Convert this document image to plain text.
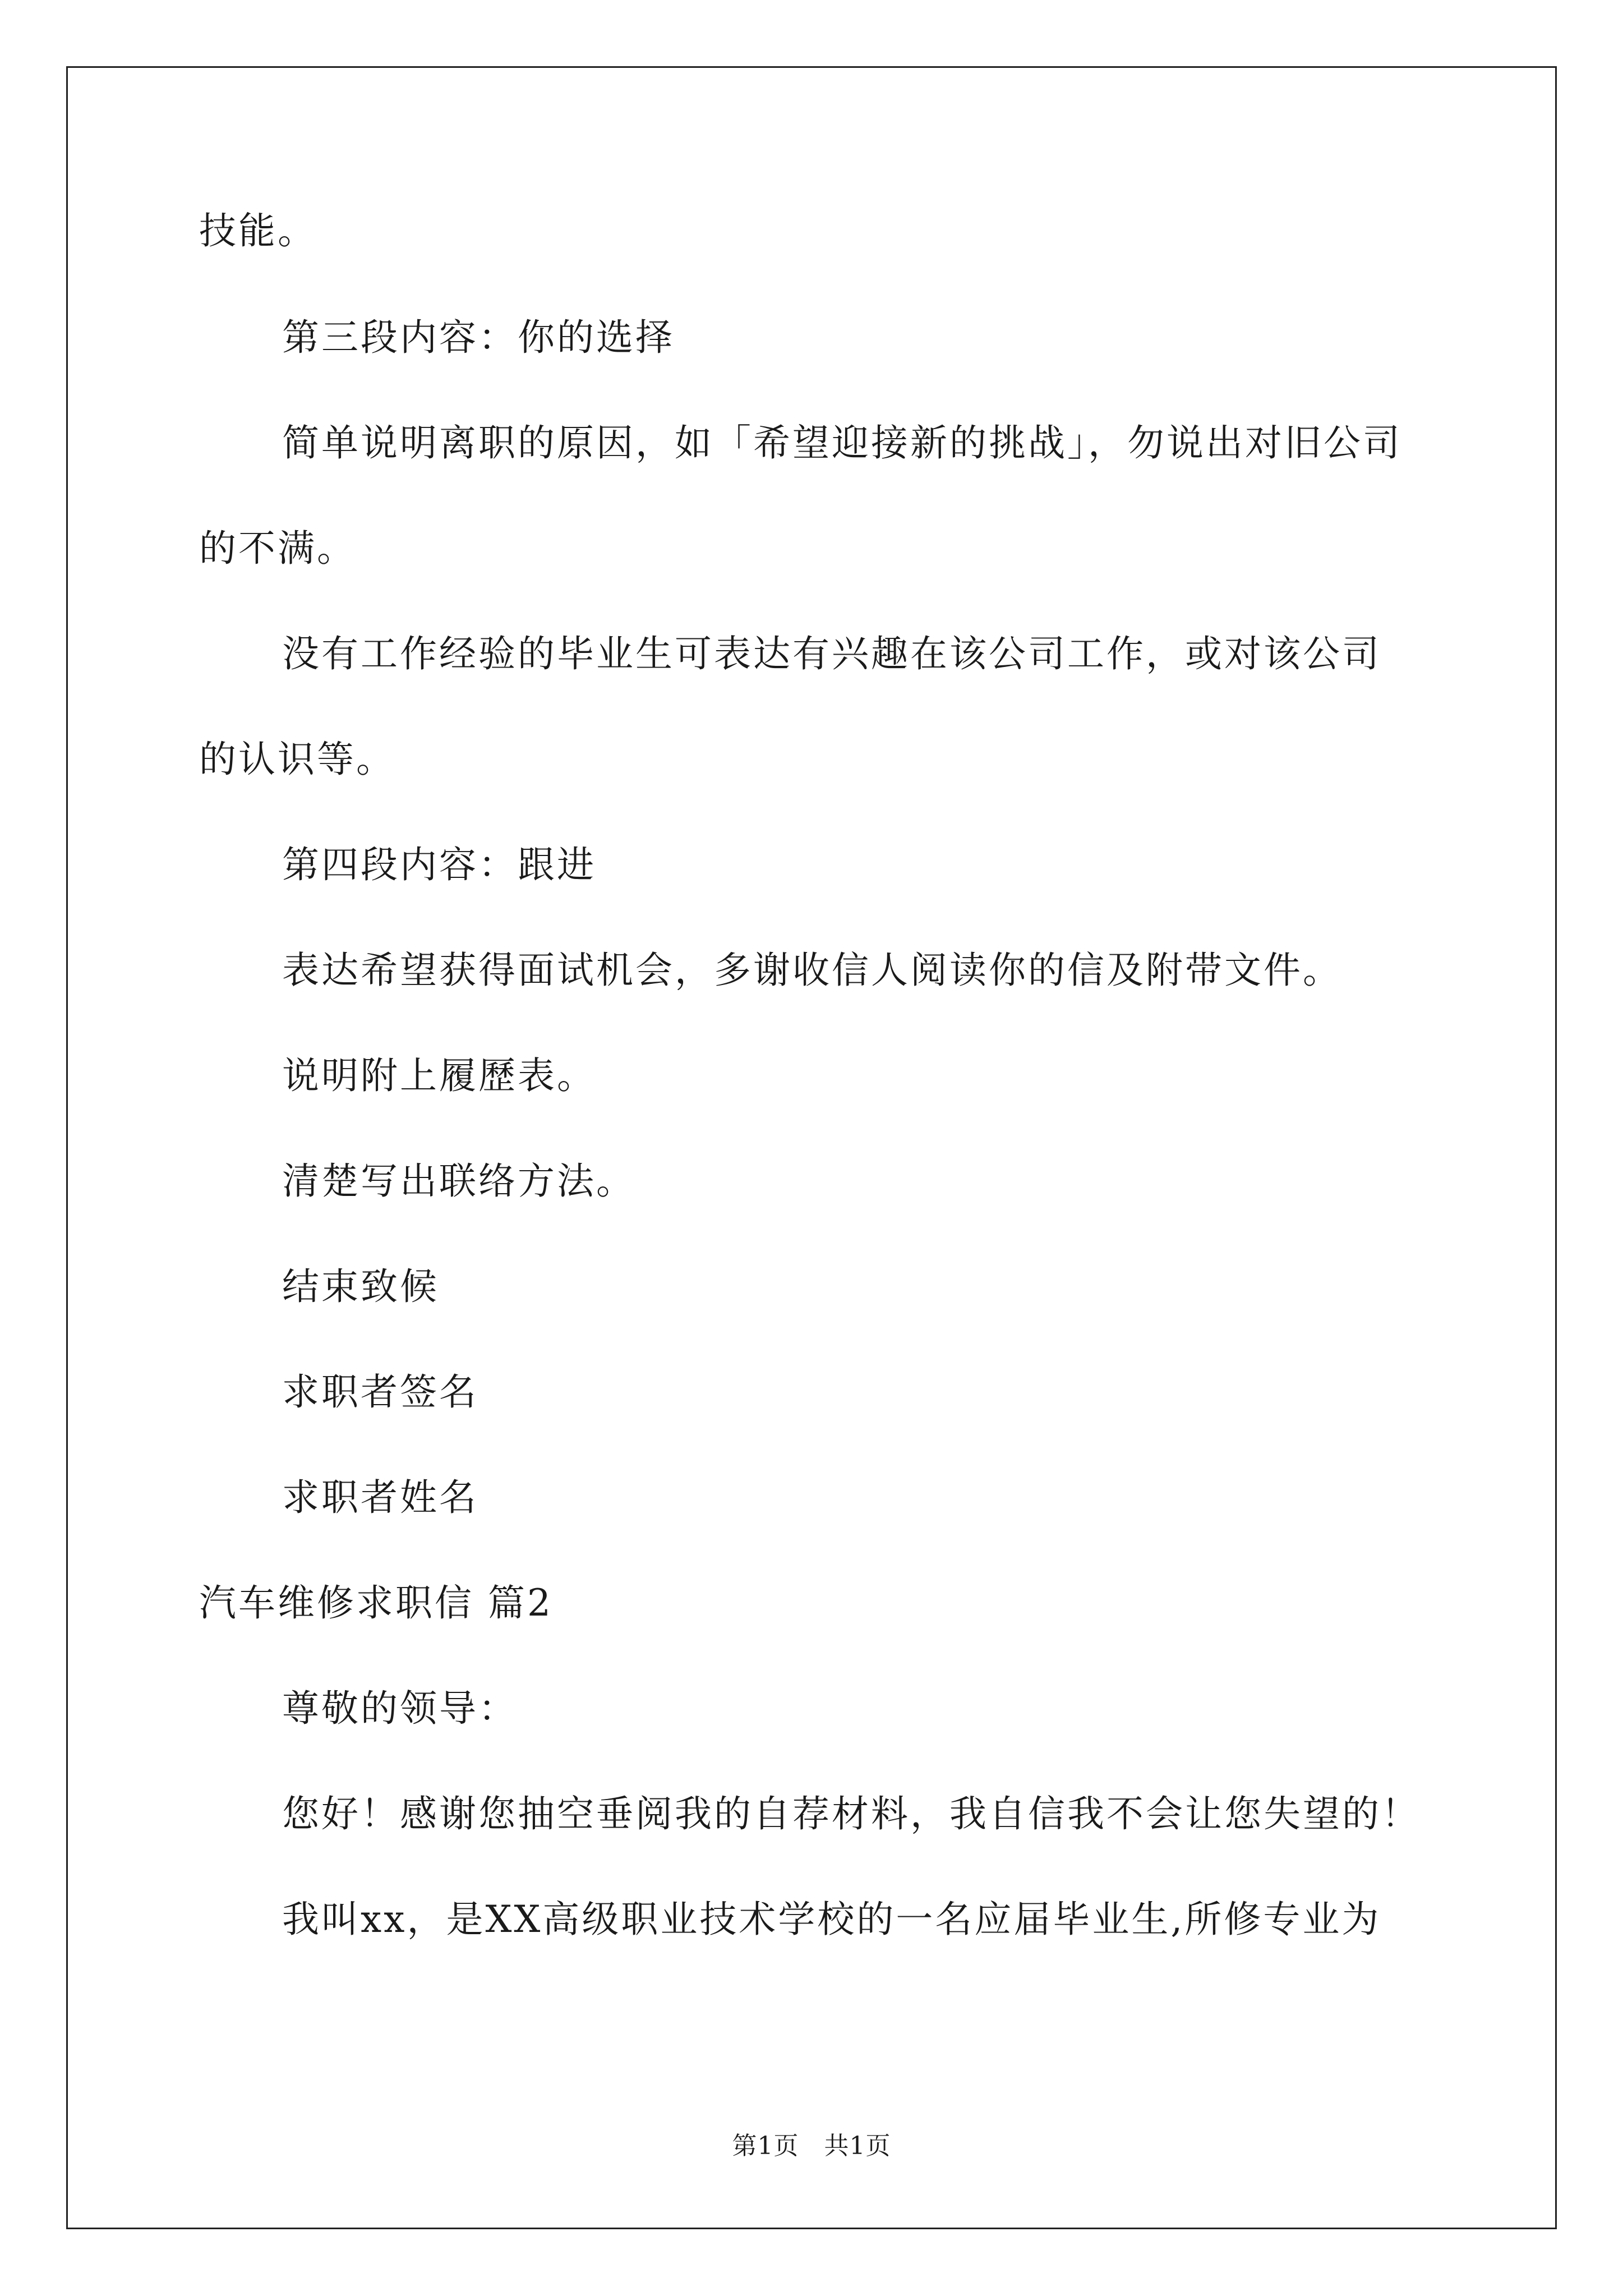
技能。
第三段内容：你的选择
简单说明离职的原因，如「希望迎接新的挑战」，勿说出对旧公司
的不满。
没有工作经验的毕业生可表达有兴趣在该公司工作，或对该公司
的认识等。
第四段内容：跟进
表达希望获得面试机会，多谢收信人阅读你的信及附带文件。
说明附上履歷表。
清楚写出联络方法。
结束致候
求职者签名
求职者姓名
汽车维修求职信 篇2
尊敬的领导：
您好！感谢您抽空垂阅我的自荐材料，我自信我不会让您失望的！
我叫xx，是XX高级职业技术学校的一名应届毕业生,所修专业为
第1页　共1页
